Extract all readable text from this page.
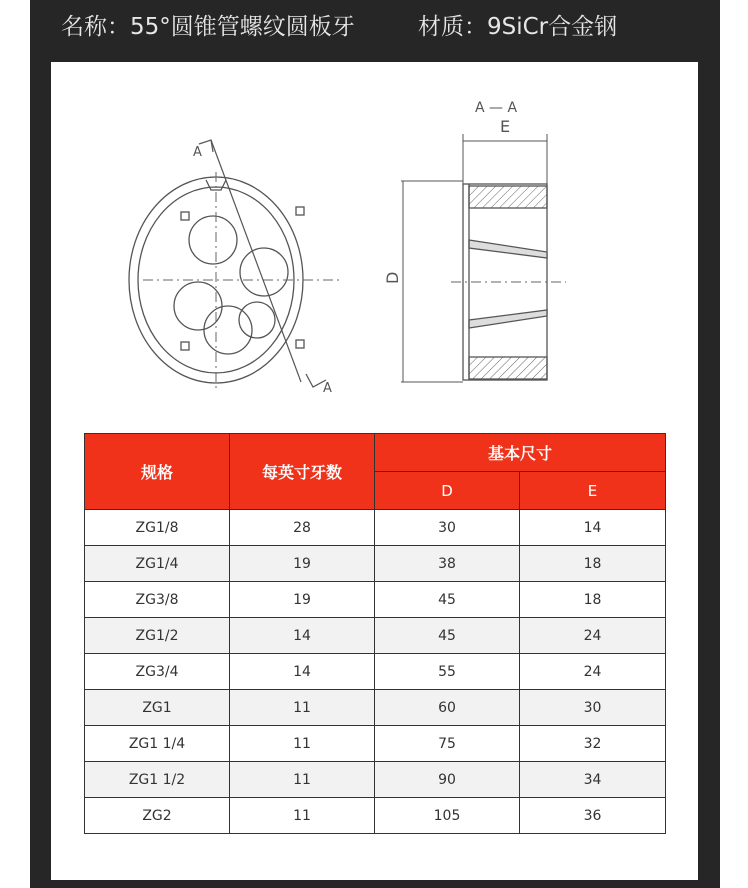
名称：55°圆锥管螺纹圆板牙	材质：9SiCr合金钢
A
A
A — A
E
D
规格	每英寸牙数	基本尺寸	
		D	E
ZG1/8	28	30	14
ZG1/4	19	38	18
ZG3/8	19	45	18
ZG1/2	14	45	24
ZG3/4	14	55	24
ZG1	11	60	30
ZG1 1/4	11	75	32
ZG1 1/2	11	90	34
ZG2	11	105	36
